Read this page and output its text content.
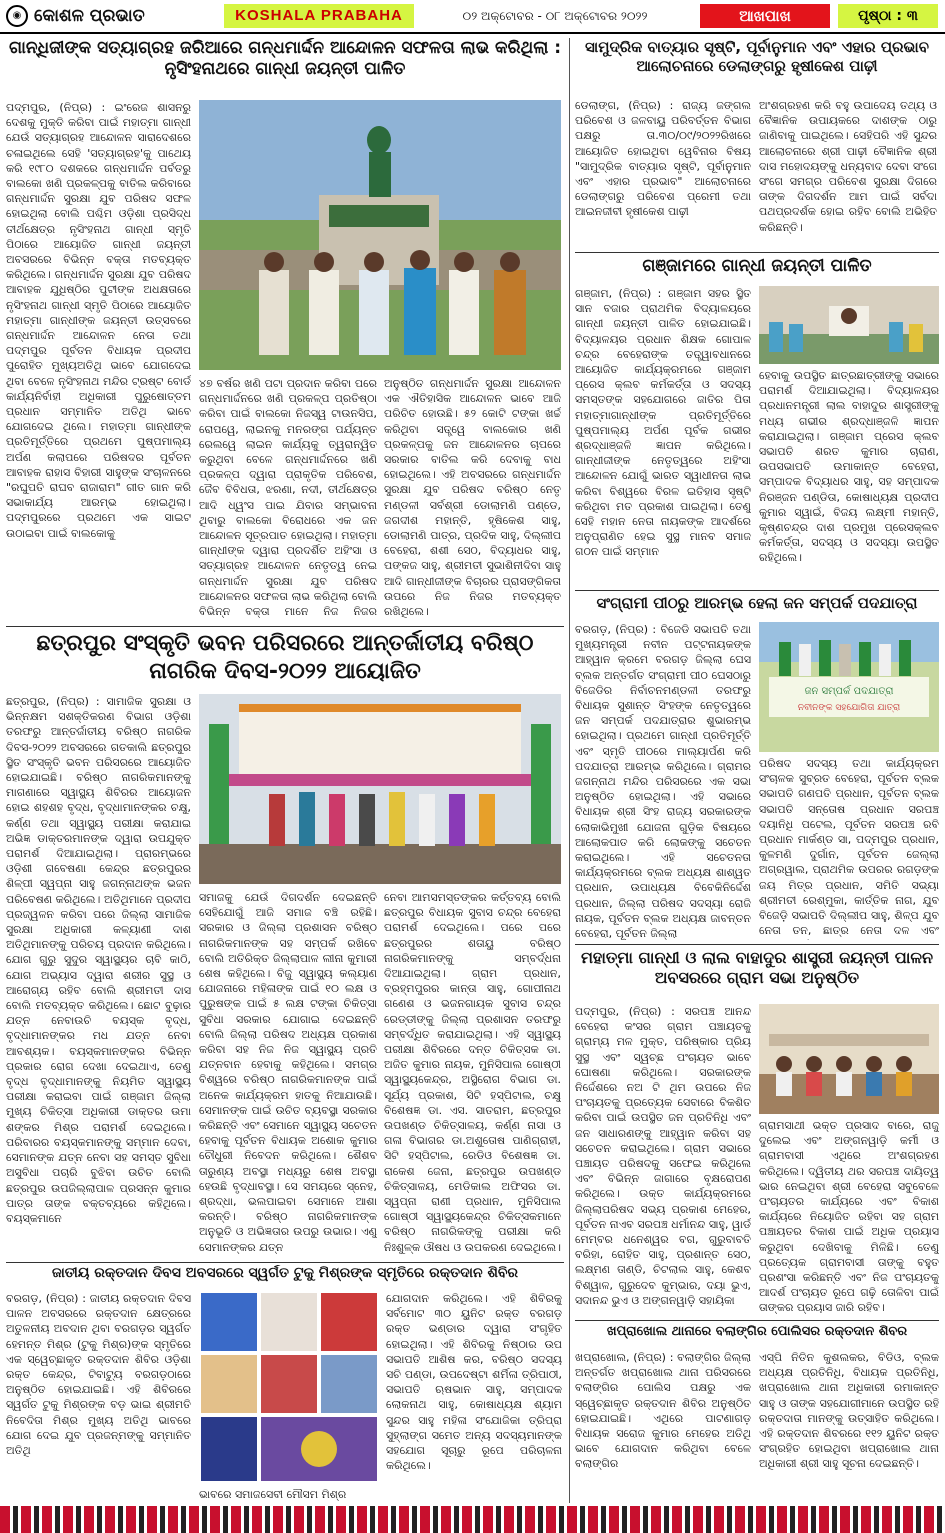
◉ କୋଶଳ ପ୍ରଭାତ	KOSHALA PRABAHA	୦୨ ଅକ୍ଟୋବର - ୦୮ ଅକ୍ଟୋବର ୨୦୨୨	ଆଖପାଖ	ପୃଷ୍ଠା : ୩
ଗାନ୍ଧିଜୀଙ୍କ ସତ୍ୟାଗ୍ରହ ଜରିଆରେ ଗନ୍ଧମାର୍ଦ୍ଦନ ଆନ୍ଦୋଳନ ସଫଳତା ଲାଭ କରିଥିଲା : ନୃସିଂହନାଥରେ ଗାନ୍ଧୀ ଜୟନ୍ତୀ ପାଳିତ
ପଦ୍ମପୁର, (ନିପ୍ର) : ଇଂରେଜ ଶାସନରୁ ଦେଶକୁ ମୁକ୍ତି କରିବା ପାଇଁ ମହାତ୍ମା ଗାନ୍ଧୀ ଯେଉଁ ସତ୍ୟାଗ୍ରହ ଆନ୍ଦୋଳନ ସାରାଦେଶରେ ଚଳାଇଥିଲେ ସେହି 'ସତ୍ୟାଗ୍ରହ'କୁ ପାଥେୟ କରି ୧୯୮୦ ଦଶକରେ ଗନ୍ଧମାର୍ଦ୍ଦନ ପର୍ବତରୁ ବାଲକୋ ଖଣି ପ୍ରକଳ୍ପକୁ ବାତିଲ କରିବାରେ ଗନ୍ଧମାର୍ଦ୍ଦନ ସୁରକ୍ଷା ଯୁବ ପରିଷଦ ସଫଳ ହୋଇଥିଲା ବୋଲି ପଶ୍ଚିମ ଓଡ଼ିଶା ପ୍ରସିଦ୍ଧ ତୀର୍ଥକ୍ଷେତ୍ର ନୃସିଂହନାଥ ଗାନ୍ଧୀ ସ୍ମୃତି ପିଠାରେ ଆୟୋଜିତ ଗାନ୍ଧୀ ଜୟନ୍ତୀ ଅବସରରେ ବିଭିନ୍ନ ବକ୍ତା ମତବ୍ୟକ୍ତ କରିଥିଲେ। ଗନ୍ଧମାର୍ଦ୍ଦନ ସୁରକ୍ଷା ଯୁବ ପରିଷଦ ଆବାହକ ଯୁଧିଷ୍ଠିର ପୁଟୀଙ୍କ ଅଧକ୍ଷତାରେ ନୃସିଂହନାଥ ଗାନ୍ଧୀ ସ୍ମୃତି ପିଠାରେ ଆୟୋଜିତ ମହାତ୍ମା ଗାନ୍ଧୀଙ୍କ ଜୟନ୍ତୀ ଉତ୍ସବରେ ଗନ୍ଧମାର୍ଦ୍ଦନ ଆନ୍ଦୋଳନ ନେତା ତଥା ପଦ୍ମପୁର ପୂର୍ବତନ ବିଧାୟକ ପ୍ରଦୀପ ପୁରୋହିତ ମୁଖ୍ୟଅତିଥି ଭାବେ ଯୋଗଦେଇ ଥିବା ବେଳେ ନୃସିଂହନାଥ ମନ୍ଦିର ଟ୍ରଷ୍ଟ ବୋର୍ଡ କାର୍ଯ୍ୟନିର୍ବାହୀ ଅଧିକାରୀ ପୁରୁଷୋତ୍ତମ ପ୍ରଧାନ ସମ୍ମାନିତ ଅତିଥି ଭାବେ ଯୋଗଦେଇ ଥିଲେ। ମହାତ୍ମା ଗାନ୍ଧୀଙ୍କ ପ୍ରତିମୂର୍ତ୍ତିରେ ପ୍ରଥମେ ପୁଷ୍ପମାଲ୍ୟ ଅର୍ପଣ କଲାପରେ ପରିଷଦର ପୂର୍ବତନ ଆବାହକ ରାହାସ ବିହାରୀ ସାହୁଙ୍କ ସଂଚାଳନରେ "ରଘୁପତି ରାଘବ ରାଜାରାମ" ଗୀତ ଗାନ କରି ସଭାକାର୍ଯ୍ୟ ଆରମ୍ଭ ହୋଇଥିଲା। ପଦ୍ମପୁରରେ ପ୍ରଥମେ ଏକ ସାଇଟ ଉଠାଇବା ପାଇଁ ବାଲକୋକୁ
୪୭ ବର୍ଷର ଖଣି ପଟା ପ୍ରଦାନ କରିବା ପରେ ଗନ୍ଧମାର୍ଦ୍ଦନରେ ଖଣି ପ୍ରକଳ୍ପ ପ୍ରତିଷ୍ଠା କରିବା ପାଇଁ ବାଲକୋ ନିଜସ୍ୱ ଟାଉନସିପ, ରୋପୱେ, ଲାଇନକୁ ମନରଙ୍ଗ ପର୍ଯ୍ୟନ୍ତ ରେଲୱେ ଲାଇନ କାର୍ଯ୍ୟକୁ ତ୍ୱରାନ୍ୱିତ କରୁଥିବା ବେଳେ ଗନ୍ଧମାର୍ଦ୍ଦନରେ ଖଣି ପ୍ରକଳ୍ପ ଦ୍ୱାରା ପ୍ରାକୃତିକ ପରିବେଶ, ଜୈବ ବିବିଧତା, ଝରଣା, ନଦୀ, ତୀର୍ଥକ୍ଷେତ୍ର ଆଦି ଧ୍ୱଂସ ପାଇ ଯିବାର ସମ୍ଭାବନା ଥିବାରୁ ବାଲକୋ ବିରୋଧରେ ଏକ ଜନ ଆନ୍ଦୋଳନ ସୂତ୍ରପାତ ହୋଇଥିଲା। ମହାତ୍ମା ଗାନ୍ଧୀଙ୍କ ଦ୍ୱାରା ପ୍ରଦର୍ଶିତ ଅହିଂସା ଓ ସତ୍ୟାଗ୍ରହ ଆନ୍ଦୋଳନ ନେତୃତ୍ୱ ନେଇ ଗନ୍ଧମାର୍ଦ୍ଦନ ସୁରକ୍ଷା ଯୁବ ପରିଷଦ ଆନ୍ଦୋଳନର ସଫଳତା ଲାଭ କରିଥିଲା ବୋଲି ବିଭିନ୍ନ ବକ୍ତା ମାନେ ନିଜ ନିଜର
ଅନୁଷ୍ଠିତ ଗନ୍ଧମାର୍ଦ୍ଦନ ସୁରକ୍ଷା ଆନ୍ଦୋଳନ ଏକ ଐତିହାସିକ ଆନ୍ଦୋଳନ ଭାବେ ଆଜି ପରିଚିତ ହୋଉଛି। ୫୨ କୋଟି ଟଙ୍କା ଖର୍ଚ୍ଚ କରିଥିବା ସତ୍ତ୍ୱେ ବାଲକୋର ଖଣି ପ୍ରକଳ୍ପକୁ ଜନ ଆନ୍ଦୋଳନର ଚାପରେ ସରକାର ବାତିଲ କରି ଦେବାକୁ ବାଧ ହୋଇଥିଲେ। ଏହି ଅବସରରେ ଗନ୍ଧମାର୍ଦ୍ଦନ ସୁରକ୍ଷା ଯୁବ ପରିଷଦ ବରିଷ୍ଠ ନେତୃ ମଣ୍ଡଳୀ ସର୍ବଶ୍ରୀ ଡୋଲାମଣି ପଣ୍ଡେ, ଜଗଦୀଶ ମହାନ୍ତି, ହୃଷିକେଶ ସାହୁ, ଡୋଲାମଣି ପାତ୍ର, ପ୍ରଦିକ ସାହୁ, ଦିଲ୍ଲୀପ ବେହେରା, ଶଶୀ ସେଠ, ବିଦ୍ୟାଧର ସାହୁ, ପଙ୍କଜ ସାହୁ, ଶ୍ରୀମତୀ ସୁଭାଶିନୀଦିବା ସାହୁ ଆଦି ଗାନ୍ଧୀଜୀଙ୍କ ବିଚାରର ପ୍ରାସଙ୍ଗିକତା ଉପରେ ନିଜ ନିଜର ମତବ୍ୟକ୍ତ ରଖିଥିଲେ।
ଛତ୍ରପୁର ସଂସ୍କୃତି ଭବନ ପରିସରରେ ଆନ୍ତର୍ଜାତୀୟ ବରିଷ୍ଠ ନାଗରିକ ଦିବସ-୨୦୨୨ ଆୟୋଜିତ
ଛତ୍ରପୁର, (ନିପ୍ର) : ସାମାଜିକ ସୁରକ୍ଷା ଓ ଭିନ୍ନକ୍ଷମ ସଶକ୍ତିକରଣ ବିଭାଗ ଓଡ଼ିଶା ତରଫରୁ ଆନ୍ତର୍ଜାତୀୟ ବରିଷ୍ଠ ନାଗରିକ ଦିବସ-୨୦୨୨ ଅବସରରେ ଗତକାଲି ଛତ୍ରପୁର ସ୍ଥିତ ସଂସ୍କୃତି ଭବନ ପରିସରରେ ଆୟୋଜିତ ହୋଇଯାଇଛି। ବରିଷ୍ଠ ନାଗରିକମାନଙ୍କୁ ମାଗଣାରେ ସ୍ୱାସ୍ଥ୍ୟ ଶିବିରର ଆୟୋଜନ ହୋଇ ଶହଶହ ବୃଦ୍ଧ, ବୃଦ୍ଧାମାନଙ୍କର ଚକ୍ଷୁ, କର୍ଣ୍ଣ ତଥା ସ୍ୱାସ୍ଥ୍ୟ ପରୀକ୍ଷା କରାଯାଇ ଅଭିଜ୍ଞ ଡାକ୍ତରମାନଙ୍କ ଦ୍ୱାରା ଉପଯୁକ୍ତ ପରାମର୍ଶ ଦିଆଯାଇଥିଲା। ପ୍ରାରମ୍ଭରେ ଓଡ଼ିଶୀ ଗବେଷଣା କେନ୍ଦ୍ର ଛତ୍ରପୁରର ଶିଳ୍ପୀ ସ୍ୱପ୍ନା ସାହୁ ଜଗନ୍ନାଥଙ୍କ ଭଜନ ପରିବେଷଣ କରିଥିଲେ। ଅତିଥିମାନେ ପ୍ରଦୀପ ପ୍ରଜ୍ୱଳନ କରିବା ପରେ ଜିଲ୍ଲା ସାମାଜିକ ସୁରକ୍ଷା ଅଧିକାରୀ କଳ୍ୟାଣୀ ଦାଶ ଅତିଥିମାନଙ୍କୁ ପରିଚୟ ପ୍ରଦାନ କରିଥିଲେ। ଯୋଗ ଗୁରୁ ସୁଦୁର ସ୍ୱାସ୍ଥ୍ୟର ଚାବି କାଠି, ଯୋଗ ଅଭ୍ୟାସ ଦ୍ୱାରା ଶରୀର ସୁସ୍ଥ ଓ ଆରୋଗ୍ୟ ରହିବ ବୋଲି ଶ୍ରୀମତୀ ଦାସ ବୋଲି ମତବ୍ୟକ୍ତ କରିଥିଲେ। ଛୋଟ ବୁଢ଼ାର ଯତ୍ନ ନେବାଉଚି ବୟସ୍କ ବୃଦ୍ଧ, ବୃଦ୍ଧାମାନଙ୍କର ମଧ ଯତ୍ନ ନେବା ଆବଶ୍ୟକ। ବୟସ୍କମାନଙ୍କର ବିଭିନ୍ନ ପ୍ରକାର ରୋଗ ଦେଖା ଦେଇଥାଏ, ତେଣୁ ବୃଦ୍ଧ ବୃଦ୍ଧାମାନଙ୍କୁ ନିୟମିତ ସ୍ୱାସ୍ଥ୍ୟ ପରୀକ୍ଷା କରାଇବା ପାଇଁ ଗଞ୍ଜାମ ଜିଲ୍ଲା ମୁଖ୍ୟ ଚିକିତ୍ସା ଅଧିକାରୀ ଡାକ୍ତର ଉମା ଶଙ୍କର ମିଶ୍ର ପରାମର୍ଶ ଦେଇଥିଲେ। ପରିବାରର ବୟସ୍କମାନଙ୍କୁ ସମ୍ମାନ ଦେବା, ସେମାନଙ୍କ ଯତ୍ନ ନେବା ସହ ସମସ୍ତ ସୁବିଧା ଅସୁବିଧା ପଚାରି ବୁଝିବା ଉଚିତ ବୋଲି ଛତ୍ରପୁର ଉପଜିଲ୍ଲାପାଳ ପ୍ରସନ୍ନ କୁମାର ପାତ୍ର ତାଙ୍କ ବକ୍ତବ୍ୟରେ କହିଥିଲେ। ବୟସ୍କମାନେ
ସମାଜକୁ ଯେଉଁ ଦିଗଦର୍ଶନ ଦେଇଛନ୍ତି ସେହିଯୋଗୁଁ ଆଜି ସମାଜ ବଞ୍ଚି ରହିଛି। ସରକାର ଓ ଜିଲ୍ଲା ପ୍ରଶାସନ ବରିଷ୍ଠ ନାଗରିକମାନଙ୍କ ସହ ସମ୍ପର୍କ ରଖିବେ ବୋଲି ଅତିରିକ୍ତ ଜିଲ୍ଲାପାଳ ଲୀନା କୁମାରୀ ଶେଷ କହିଥିଲେ। ବିଜୁ ସ୍ୱାସ୍ଥ୍ୟ କଲ୍ୟାଣ ଯୋଜନାରେ ମହିଳାଙ୍କ ପାଇଁ ୧୦ ଲକ୍ଷ ଓ ପୁରୁଷଙ୍କ ପାଇଁ ୫ ଲକ୍ଷ ଟଙ୍କା ଚିକିତ୍ସା ସୁବିଧା ସରକାର ଯୋଗାଇ ଦେଇଛନ୍ତି ବୋଲି ଜିଲ୍ଲା ପରିଷଦ ଅଧ୍ୟକ୍ଷ ପ୍ରକାଶ କରିବା ସହ ନିଜ ନିଜ ସ୍ୱାସ୍ଥ୍ୟ ପ୍ରତି ଯତ୍ନବାନ ହେବାକୁ କହିଥିଲେ। ସମଗ୍ର ବିଶ୍ୱରେ ବରିଷ୍ଠ ନାଗରିକମାନଙ୍କ ପାଇଁ ଅନେକ କାର୍ଯ୍ୟକ୍ରମ ହାତକୁ ନିଆଯାଉଛି। ସେମାନଙ୍କ ପାଇଁ ଉଚିତ ବ୍ୟବସ୍ଥା ସରକାର କରିଛନ୍ତି ଏବଂ ସେମାନେ ସ୍ୱାସ୍ଥ୍ୟ ସଚେତନ ହେବାକୁ ପୂର୍ବତନ ବିଧାୟକ ଅଶୋକ କୁମାର ଚୌଧୁରୀ ନିବେଦନ କରିଥିଲେ। ଶୈଶବ ତାରୁଣ୍ୟ ଅବସ୍ଥା ମଧ୍ୟରୁ ଶେଷ ଅବସ୍ଥା ହେଉଛି ବୃଦ୍ଧାବସ୍ଥା। ସେ ସମୟରେ ସ୍ନେହ, ଶ୍ରଦ୍ଧା, ଭଲପାଇବା ସେମାନେ ଆଶା କରନ୍ତି। ବରିଷ୍ଠ ନାଗରିକମାନଙ୍କ ଅନୁଭୂତି ଓ ଅଭିଜ୍ଞତାର ଉପରୁ ଉଭାର। ଏଣୁ ସେମାନଙ୍କର ଯତ୍ନ
ନେବା ଆମସମସ୍ତଙ୍କର କର୍ତ୍ତବ୍ୟ ବୋଲି ଛତ୍ରପୁର ବିଧାୟକ ସୁବାସ ଚନ୍ଦ୍ର ବେହେରା ପରାମର୍ଶ ଦେଇଥିଲେ। ପରେ ପରେ ଛତ୍ରପୁରର ଶତାୟୁ ବରିଷ୍ଠ ନାଗରିକମାନଙ୍କୁ ସମ୍ବର୍ଦ୍ଧନା ଦିଆଯାଇଥିଲା। ଗ୍ରାମ ପ୍ରଧାନ, ବ୍ରହ୍ମପୁରର କାନ୍ତା ସାହୁ, ଗୋପୀନାଥ ଗଣେଶ ଓ ଭଜନଗାୟକ ସୁବାସ ଚନ୍ଦ୍ର ରେଡ୍ଡୀଙ୍କୁ ଜିଲ୍ଲା ପ୍ରଶାସନ ତରଫରୁ ସମ୍ବର୍ଦ୍ଧିତ କରାଯାଇଥିଲା। ଏହି ସ୍ୱାସ୍ଥ୍ୟ ପରୀକ୍ଷା ଶିବିରରେ ଦନ୍ତ ଚିକିତ୍ସକ ଡା. ଅଜିତ କୁମାର ନାୟକ, ମୁନିସିପାଲ ଗୋଷ୍ଠୀ ସ୍ୱାସ୍ଥ୍ୟକେନ୍ଦ୍ର, ଅସ୍ଥିରୋଗ ବିଭାଗ ଡା. ସୂର୍ଯ୍ୟ ପ୍ରକାଶ, ସିଟି ହସ୍ପିଟାଲ, ଚକ୍ଷୁ ବିଶେଷଜ୍ଞ ଡା. ଏସ. ସାତରାମ, ଛତ୍ରପୁର ଉପଖଣ୍ଡ ଚିକିତ୍ସାଳୟ, କର୍ଣ୍ଣ ନାସା ଓ ଗଳା ବିଭାଗର ଡା.ଅଶୁତୋଷ ପାଣିଗ୍ରାହୀ, ସିଟି ହସ୍ପିଟାଲ, ରେଡିଓ ବିଶେଷଜ୍ଞ ଡା. ରାକେଶ ଜେନା, ଛତ୍ରପୁର ଉପଖଣ୍ଡ ଚିକିତ୍ସାଳୟ, ମେଡିକାଲ ଅଫିସର ଡା. ସ୍ୱପ୍ନା ରାଣୀ ପ୍ରଧାନ, ମୁନିସିପାଲ ଗୋଷ୍ଠୀ ସ୍ୱାସ୍ଥ୍ୟକେନ୍ଦ୍ର ଚିକିତ୍ସକମାନେ ବରିଷ୍ଠ ନାଗରିକଙ୍କୁ ପରୀକ୍ଷା କରି ନିଃଶୁଳ୍କ ଔଷଧ ଓ ଉପକରଣ ଦେଇଥିଲେ।
ଜାତୀୟ ରକ୍ତଦାନ ଦିବସ ଅବସରରେ ସ୍ୱର୍ଗତ ଟୁକୁ ମିଶ୍ରଙ୍କ ସ୍ମୃତିରେ ରକ୍ତଦାନ ଶିବିର
ବରଗଡ଼, (ନିପ୍ର) : ଜାତୀୟ ରକ୍ତଦାନ ଦିବସ ପାଳନ ଅବସରରେ ରକ୍ତଦାନ କ୍ଷେତ୍ରରେ ଅତୁଳନୀୟ ଅବଦାନ ଥିବା ବରଗଡ଼ର ସ୍ୱର୍ଗତ ହେମନ୍ତ ମିଶ୍ର (ଟୁକୁ ମିଶ୍ର)ଙ୍କ ସ୍ମୃତିରେ ଏକ ସ୍ୱେଚ୍ଛାକୃତ ରକ୍ତଦାନ ଶିବିର ଓଡ଼ିଶା ରକ୍ତ କେନ୍ଦ୍ର, ଟିବାଟ୍ୟୁ ବରଗଡ଼ଠାରେ ଅନୁଷ୍ଠିତ ହୋଇଯାଇଛି। ଏହି ଶିବିରରେ ସ୍ୱର୍ଗତ ଟୁକୁ ମିଶ୍ରଙ୍କ ବଡ଼ ଭାଇ ଶ୍ରୀମତି ନିବେଦିତା ମିଶ୍ର ମୁଖ୍ୟ ଅତିଥି ଭାବରେ ଯୋଗ ଦେଇ ଯୁବ ପ୍ରଜନ୍ମଙ୍କୁ ସମ୍ମାନିତ ଅତିଥି
ଭାବରେ ସମାଜସେବୀ ମୌସମ ମିଶ୍ର
ଯୋଗଦାନ କରିଥିଲେ। ଏହି ଶିବିରକୁ ସର୍ବମୋଟ ୩୦ ୟୁନିଟ ରକ୍ତ ବରଗଡ଼ ରକ୍ତ ଭଣ୍ଡାର ଦ୍ୱାରା ସଂଗୃହିତ ହୋଇଥିଲା। ଏହି ଶିବିରକୁ ନିଷ୍ଠାର ଉପ ସଭାପତି ଆଶିଷ କର, ବରିଷ୍ଠ ସଦସ୍ୟ ସଚି ପଣ୍ଡା, ଉପଦେଷ୍ଟା ଶର୍ମିଳା ତ୍ରିପାଠୀ, ସଭାପତି ଋଷଭାନ ସାହୁ, ସମ୍ପାଦକ ଲୋକନାଥ ସାହୁ, କୋଷାଧ୍ୟକ୍ଷ ଶ୍ୟାମ ସୁନ୍ଦର ସାହୁ ମହିଳା ସଂଯୋଜିକା ତ୍ରିପ୍ରା ସୁହ୍ଲାଙ୍ଗ ସମେତ ଅନ୍ୟ ସଦସ୍ୟମାନଙ୍କ ସହଯୋଗ ସୂଚାରୁ ରୂପେ ପରିଚାଳନା କରିଥିଲେ।
ସାମୁଦ୍ରିକ ବାତ୍ୟାର ସୃଷ୍ଟି, ପୂର୍ବାନୁମାନ ଏବଂ ଏହାର ପ୍ରଭାବ ଆଲୋଚନାରେ ଡେଲାଙ୍ଗରୁ ହୃଷୀକେଶ ପାଢ଼ୀ
ଡେଲାଙ୍ଗ, (ନିପ୍ର) : ରାଜ୍ୟ ଜଙ୍ଗଲ ପରିବେଶ ଓ ଜଳବାୟୁ ପରିବର୍ତ୍ତନ ବିଭାଗ ପକ୍ଷରୁ ତା.୩୦/୦୯/୨୦୨୨ରିଖରେ ଆୟୋଜିତ ହୋଇଥିବା ୱେବିନାର ବିଷୟ "ସାମୁଦ୍ରିକ ବାତ୍ୟାର ସୃଷ୍ଟି, ପୂର୍ବାନୁମାନ ଏବଂ ଏହାର ପ୍ରଭାବ" ଆଲୋଚନାରେ ଡେଲାଙ୍ଗରୁ ପରିବେଶ ପ୍ରେମୀ ତଥା ଆଇନଜୀବୀ ହୃଷୀକେଶ ପାଢ଼ୀ
ଅଂଶଗ୍ରହଣ କରି ବହୁ ଉପାଦେୟ ତଥ୍ୟ ଓ ବୈଜ୍ଞାନିକ ଉପାୟକରେ ଦାଶଙ୍କ ଠାରୁ ଜାଣିବାକୁ ପାଇଥିଲେ। ସେହିପରି ଏହି ସୁନ୍ଦର ଆଲୋଚନାରେ ଶ୍ରୀ ପାଢ଼ୀ ବୈଜ୍ଞାନିକ ଶ୍ରୀ ଦାସ ମହୋଦୟଙ୍କୁ ଧନ୍ୟବାଦ ଦେବା ସଂଗେ ସଂଗେ ସମଗ୍ର ପରିବେଶ ସୁରକ୍ଷା ଦିଗରେ ତାଙ୍କ ଦିଗଦର୍ଶନ ଆମ ପାଇଁ ସର୍ବଦା ପଥପ୍ରଦର୍ଶକ ହୋଇ ରହିବ ବୋଲି ଅଭିହିତ କରିଛନ୍ତି।
ଗଞ୍ଜାମରେ ଗାନ୍ଧୀ ଜୟନ୍ତୀ ପାଳିତ
ଗଞ୍ଜାମ, (ନିପ୍ର) : ଗଞ୍ଜାମ ସହର ସ୍ଥିତ ସାନ ବଜାର ପ୍ରାଥମିକ ବିଦ୍ୟାଳୟରେ ଗାନ୍ଧୀ ଜୟନ୍ତୀ ପାଳିତ ହୋଇଯାଇଛି। ବିଦ୍ୟାଳୟର ପ୍ରଧାନ ଶିକ୍ଷକ ଗୋପାଳ ଚନ୍ଦ୍ର ବେହେରାଙ୍କ ତତ୍ତ୍ୱାବଧାନରେ ଆୟୋଜିତ କାର୍ଯ୍ୟକ୍ରମରେ ଗଞ୍ଜାମ ପ୍ରେସ କ୍ଲବ କର୍ମକର୍ତ୍ତା ଓ ସଦସ୍ୟ ସମସ୍ତଙ୍କ ସହଯୋଗରେ ଜାତିର ପିତା ମହାତ୍ମାଗାନ୍ଧୀଙ୍କ ପ୍ରତିମୂର୍ତ୍ତିରେ ପୁଷ୍ପମାଲ୍ୟ ଅର୍ପଣ ପୂର୍ବକ ଗଭୀର ଶ୍ରଦ୍ଧାଞ୍ଜଳି ଜ୍ଞାପନ କରିଥିଲେ। ଗାନ୍ଧୀଜୀଙ୍କ ନେତୃତ୍ୱରେ ଅହିଂସା ଆନ୍ଦୋଳନ ଯୋଗୁଁ ଭାରତ ସ୍ୱାଧୀନତା ଲାଭ କରିବା ବିଶ୍ୱରେ ବିରଳ ଇତିହାସ ସୃଷ୍ଟି କରିଥିବା ମତ ପ୍ରକାଶ ପାଇଥିଲା। ତେଣୁ ସେହି ମହାନ ନେତା ନାୟକଙ୍କ ଆଦର୍ଶରେ ଅନୁପ୍ରାଣିତ ହେଇ ସୁସ୍ଥ ମାନବ ସମାଜ ଗଠନ ପାଇଁ ସମ୍ମାନ
ହେବାକୁ ଉପସ୍ଥିତ ଛାତ୍ରଛାତ୍ରୀଙ୍କୁ ସଭାରେ ପରାମର୍ଶ ଦିଆଯାଇଥିଲା। ବିଦ୍ୟାଳୟର ପ୍ରଧାନମନ୍ତ୍ରୀ ଲାଲ ବାହାଦୁର ଶାସ୍ତ୍ରୀଙ୍କୁ ମଧ୍ୟ ଗଭୀର ଶ୍ରଦ୍ଧାଞ୍ଜଳି ଜ୍ଞାପନ କରାଯାଇଥିଲା। ଗଞ୍ଜାମ ପ୍ରେସ କ୍ଲବ ସଭାପତି ଶରତ କୁମାର ଚାରାଣ, ଉପସଭାପତି ଉମାକାନ୍ତ ବେହେରା, ସମ୍ପାଦକ ବିଦ୍ୟାଧର ସାହୁ, ସହ ସମ୍ପାଦକ ନିରଞ୍ଜନ ପଣ୍ଡିତା, କୋଷାଧ୍ୟକ୍ଷ ପ୍ରଦୀପ କୁମାର ସ୍ୱାଇଁ, ବିଜୟ ଲକ୍ଷ୍ମୀ ମହାନ୍ତି, କୃଷ୍ଣଚନ୍ଦ୍ର ଦାଶ ପ୍ରମୁଖ ପ୍ରେସକ୍ଲବ କର୍ମକର୍ତ୍ତା, ସଦସ୍ୟ ଓ ସଦସ୍ୟା ଉପସ୍ଥିତ ରହିଥିଲେ।
ସଂଗ୍ରାମୀ ପୀଠରୁ ଆରମ୍ଭ ହେଲା ଜନ ସମ୍ପର୍କ ପଦଯାତ୍ରା
ବରଗଡ଼, (ନିପ୍ର) : ବିଜେଡି ସଭାପତି ତଥା ମୁଖ୍ୟମନ୍ତ୍ରୀ ନବୀନ ପଟ୍ଟନାୟକଙ୍କ ଆହ୍ୱାନ କ୍ରମେ ବରଗଡ଼ ଜିଲ୍ଲା ଘେସ ବ୍ଲକ ଅନ୍ତର୍ଗତ ସଂଗ୍ରାମୀ ପୀଠ ଘେସଠାରୁ ବିଜେଡିର ନିର୍ବାଚନମଣ୍ଡଳୀ ତରଫରୁ ବିଧାୟକ ସୁଶାନ୍ତ ସିଂହଙ୍କ ନେତୃତ୍ୱରେ ଜନ ସମ୍ପର୍କ ପଦଯାତ୍ରାର ଶୁଭାରମ୍ଭ ହୋଇଥିଲା। ପ୍ରଥମେ ଗାନ୍ଧୀ ପ୍ରତିମୂର୍ତ୍ତି ଏବଂ ସ୍ମୃତି ପୀଠରେ ମାଲ୍ୟାର୍ପଣ କରି ପଦଯାତ୍ରା ଆରମ୍ଭ କରିଥିଲେ। ଗ୍ରାମର ଜଗନ୍ନାଥ ମନ୍ଦିର ପରିସରରେ ଏକ ସଭା ଅନୁଷ୍ଠିତ ହୋଇଥିଲା। ଏହି ସଭାରେ ବିଧାୟକ ଶ୍ରୀ ସିଂହ ରାଜ୍ୟ ସରକାରଙ୍କ ଲୋକାଭିମୁଖୀ ଯୋଜନା ଗୁଡ଼ିକ ବିଷୟରେ ଆଲୋକପାତ କରି ଲୋକଙ୍କୁ ସଚେତନ କରାଇଥିଲେ। ଏହି ସଚେତନତା କାର୍ଯ୍ୟକ୍ରମରେ ବ୍ଲକ ଅଧ୍ୟକ୍ଷ ଶାଶ୍ୱତ ପ୍ରଧାନ, ଉପାଧ୍ୟକ୍ଷ ବିବେକିନିର୍ଦ୍ଦେଶ ପ୍ରଧାନ, ଜିଲ୍ଲା ପରିଷଦ ସଦସ୍ୟା ରୋଜି ନାୟକ, ପୂର୍ବତନ ବ୍ଲକ ଅଧ୍ୟକ୍ଷ ଜାବନ୍ତନ ବେହେରା, ପୂର୍ବତନ ଜିଲ୍ଲା
ଜନ ସମ୍ପର୍କ ପଦଯାତ୍ରା
ନବୀନଙ୍କ ସହଯୋଗିତା ଯାତ୍ରା
ପରିଷଦ ସଦସ୍ୟ ତଥା କାର୍ଯ୍ୟକ୍ରମ ସଂଚାଳକ ସୁବ୍ରତ ବେହେରା, ପୂର୍ବତନ ବ୍ଲକ ସଭାପତି ଗଣପତି ପ୍ରଧାନ, ପୂର୍ବତନ ବ୍ଲକ ସଭାପତି ସନ୍ତୋଷ ପ୍ରଧାନ ସରପଞ୍ଚ ଦୟାନିଧି ପଟେଲ, ପୂର୍ବତନ ସରପଞ୍ଚ ରବି ପ୍ରଧାନ ମାର୍କଣ୍ଡ ସା, ପଦ୍ମପୁର ପ୍ରଧାନ, କୁଳମଣି ଦୁର୍ଗାନ, ପୂର୍ବତନ ଜେଲ୍ଲା ଅଗ୍ରୱାଲ, ପ୍ରାଥମିକ ଉପରର ରଗଡ଼ଙ୍କ ଜୟ ମିତ୍ର ପ୍ରଧାନ, ସମିତି ସଭ୍ୟା ଶ୍ରୀମତୀ ରେଶ୍ମୁକା, କାର୍ତ୍ତିକ ନାଗ, ଯୁବ ବିଜେଡ଼ି ସଭାପତି ଦିଲ୍ଲୀପ ସାହୁ, ଶିଳ୍ପ ଯୁବ ନେତା ତନ, ଛାତ୍ର ନେତା ଦଳ ଏବଂ
ମହାତ୍ମା ଗାନ୍ଧୀ ଓ ଲାଲ ବାହାଦୁର ଶାସ୍ତ୍ରୀ ଜୟନ୍ତୀ ପାଳନ ଅବସରରେ ଗ୍ରାମ ସଭା ଅନୁଷ୍ଠିତ
ପଦ୍ମପୁର, (ନିପ୍ର) : ସରପଞ୍ଚ ଆନନ୍ଦ ବେହେରା କଂସର ଗ୍ରାମ ପଞ୍ଚାୟତକୁ ଗ୍ରାମ୍ୟ ମଳ ମୁକ୍ତ, ପରିଷ୍କାର ପ୍ରିୟ ସୁସ୍ଥ ଏବଂ ସ୍ୱଚ୍ଛ ପଂଚାୟତ ଭାବେ ଘୋଷଣା କରିଥିଲେ। ସରକାରଙ୍କ ନିର୍ଦ୍ଦେଶରେ ନଅ ଟି ଥିମ ଉପରେ ନିଜ ପଂଚାୟତକୁ ପ୍ରତ୍ୟେକ ସେବାରେ ବିକଶିତ କରିବା ପାଇଁ ଉପସ୍ଥିତ ଜନ ପ୍ରତିନିଧି ଏବଂ ଜନ ସାଧାରଣଙ୍କୁ ଆହ୍ୱାନ କରିବା ସହ ସଚେତନ କରାଇଥିଲେ। ଗ୍ରାମ ସଭାରେ ପଞ୍ଚାୟତ ପରିଷଦକୁ ସଫେଇ କରିଥିଲେ ଏବଂ ବିଭିନ୍ନ ଜାଗାରେ ବୃକ୍ଷରୋପଣ କରିଥିଲେ। ଉକ୍ତ କାର୍ଯ୍ୟକ୍ରମରେ ଜିଲ୍ଲାପରିଷଦ ସଭ୍ୟ ପ୍ରକାଶ ମେହେର, ପୂର୍ବତନ ନାଏବ ସରପଞ୍ଚ ଧର୍ମାନନ୍ଦ ସାହୁ, ୱାର୍ଡ ମେମ୍ବର ଧନେଶ୍ୱର ବଗ, ଗୁରୁବାବତି ବରିହା, ରୋହିତ ସାହୁ, ପ୍ରଶାନ୍ତ ସେଠ, ଲକ୍ଷ୍ମଣ ତାଣ୍ଡି, ଚିଟଲାଲ ସାହୁ, କେଶବ ବିଶ୍ୱାଳ, ଗୁରୁଦେବ କୁମ୍ଭାର, ଦୟା ଭୁଏ, ସଦାନନ୍ଦ ଭୁଏ ଓ ଅଙ୍ଗନୱାଡ଼ି ସହାୟିକା
ଗ୍ରାମସାଥୀ ଭକ୍ତ ପ୍ରସାଦ ବାରେ, ରାଜୁ ଦୁଲେଇ ଏବଂ ଅଙ୍ଗନୱାଡ଼ି କର୍ମୀ ଓ ଗ୍ରାମବାସୀ ଏଥିରେ ଅଂଶଗ୍ରହଣ କରିଥିଲେ। ଦ୍ୱିତୀୟ ଥର ସରପଞ୍ଚ ଦାୟିତ୍ୱ ଭାର ନେଇଥିବା ଶ୍ରୀ ବେହେରା ସବୁବେଳେ ପଂଚାୟତର କାର୍ଯ୍ୟରେ ଏବଂ ବିକାଶ କାର୍ଯ୍ୟରେ ନିୟୋଜିତ ରହିବା ସହ ଗ୍ରାମ ପଞ୍ଚାୟତର ବିକାଶ ପାଇଁ ଅଧିକ ପ୍ରୟାସ କରୁଥିବା ଦେଖିବାକୁ ମିଳିଛି। ତେଣୁ ପ୍ରତ୍ୟେକ ଗ୍ରାମବାସୀ ତାଙ୍କୁ ବହୁତ ପ୍ରଶଂସା କରିଛନ୍ତି ଏବଂ ନିଜ ପଂଚାୟତକୁ ଆଦର୍ଶ ପଂଚାୟତ ରୂପେ ଗଢ଼ି ତୋଳିବା ପାଇଁ ତାଙ୍କର ପ୍ରୟାସ ଜାରି ରହିବ।
ଖପ୍ରାଖୋଲ ଥାନାରେ ବଲାଙ୍ଗିର ପୋଲିସର ରକ୍ତଦାନ ଶିବର
ଖପ୍ରାଖୋଲ, (ନିପ୍ର) : ବଲାଙ୍ଗିର ଜିଲ୍ଲା ଅନ୍ତର୍ଗତ ଖପ୍ରାଖୋଲ ଥାନା ପରିସରରେ ବଲାଙ୍ଗିର ପୋଲିସ ପକ୍ଷରୁ ଏକ ସ୍ୱେଚ୍ଛାକୃତ ରକ୍ତଦାନ ଶିବିର ଅନୁଷ୍ଠିତ ହୋଇଯାଇଛି। ଏଥିରେ ପାଟଣାଗଡ଼ ବିଧାୟକ ସରୋଜ କୁମାର ମେହେର ଅତିଥି ଭାବେ ଯୋଗଦାନ କରିଥିବା ବେଳେ ବଲାଙ୍ଗିର
ଏସ୍‌ପି ନିତିନ କୁଶଲକର, ବିଡିଓ, ବ୍ଲକ ଅଧ୍ୟକ୍ଷ ପ୍ରତିନିଧି, ବିଧାୟକ ପ୍ରତିନିଧି, ଖପ୍ରାଖୋଲ ଥାନା ଅଧିକାରୀ ରମାକାନ୍ତ ସାହୁ ଓ ତାଙ୍କ ସହଯୋଗୀମାନେ ଉପସ୍ଥିତ ରହି ରକ୍ତଦାତା ମାନଙ୍କୁ ଉତ୍ସାହିତ କରିଥିଲେ। ଏହି ରକ୍ତଦାନ ଶିବରରେ ୧୧୨ ୟୁନିଟ ରକ୍ତ ସଂଗ୍ରହିତ ହୋଇଥିବା ଖପ୍ରାଖୋଲ ଥାନା ଅଧିକାରୀ ଶ୍ରୀ ସାହୁ ସୂଚନା ଦେଇଛନ୍ତି।
